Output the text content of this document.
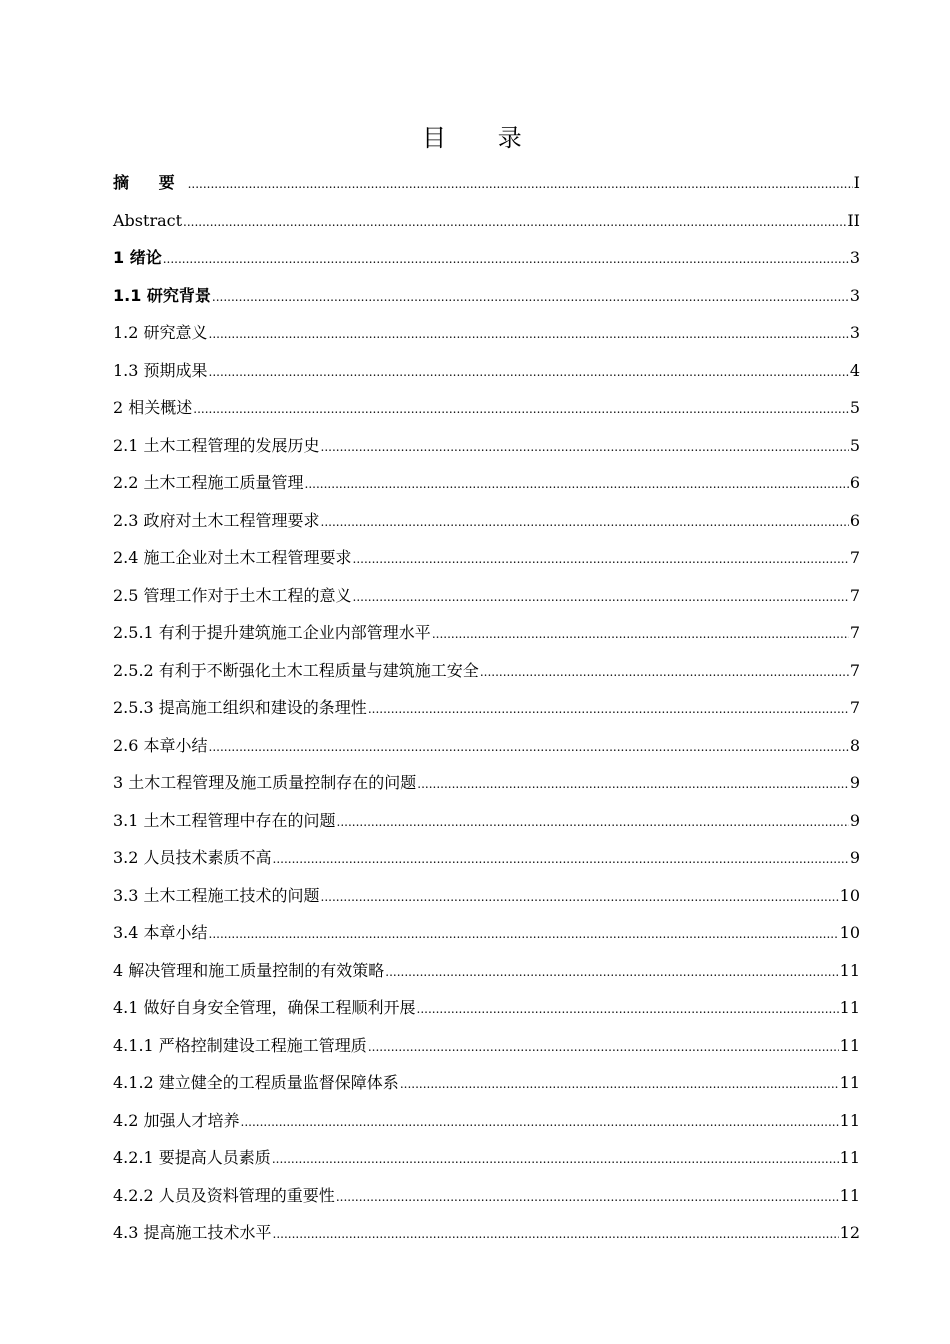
目 录
摘 要 .....	I
Abstract .....	II
1 绪论 .....	3
1.1 研究背景 .....	3
1.2 研究意义 .....	3
1.3 预期成果 .....	4
2 相关概述 .....	5
2.1 土木工程管理的发展历史 .....	5
2.2 土木工程施工质量管理 .....	6
2.3 政府对土木工程管理要求 .....	6
2.4 施工企业对土木工程管理要求 .....	7
2.5 管理工作对于土木工程的意义 .....	7
2.5.1 有利于提升建筑施工企业内部管理水平 .....	7
2.5.2 有利于不断强化土木工程质量与建筑施工安全 .....	7
2.5.3 提高施工组织和建设的条理性 .....	7
2.6 本章小结 .....	8
3 土木工程管理及施工质量控制存在的问题 .....	9
3.1 土木工程管理中存在的问题 .....	9
3.2 人员技术素质不高 .....	9
3.3 土木工程施工技术的问题 .....	10
3.4 本章小结 .....	10
4 解决管理和施工质量控制的有效策略 .....	11
4.1 做好自身安全管理，确保工程顺利开展 .....	11
4.1.1 严格控制建设工程施工管理质 .....	11
4.1.2 建立健全的工程质量监督保障体系 .....	11
4.2 加强人才培养 .....	11
4.2.1 要提高人员素质 .....	11
4.2.2 人员及资料管理的重要性 .....	11
4.3 提高施工技术水平 .....	12
